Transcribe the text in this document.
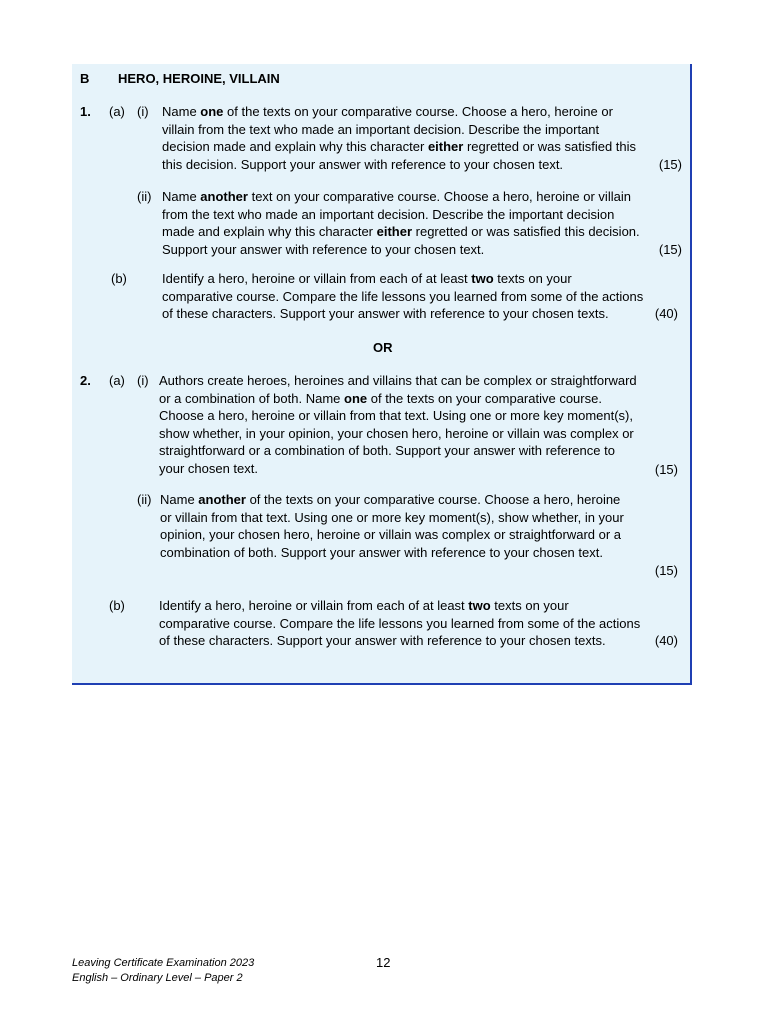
B HERO, HEROINE, VILLAIN
1. (a) (i)
(15)
(ii)
(15)
(b)
(40)
OR
2. (a) (i)
(15)
(ii)
(15)
(b)
(40)
Leaving Certificate Examination 2023
English – Ordinary Level – Paper 2
12
Name one of the texts on your comparative course. Choose a hero, heroine or
villain from the text who made an important decision. Describe the important
decision made and explain why this character either regretted or was satisfied this
this decision. Support your answer with reference to your chosen text.
Name another text on your comparative course. Choose a hero, heroine or villain
from the text who made an important decision. Describe the important decision
made and explain why this character either regretted or was satisfied this decision.
Support your answer with reference to your chosen text.
Identify a hero, heroine or villain from each of at least two texts on your
comparative course. Compare the life lessons you learned from some of the actions
of these characters. Support your answer with reference to your chosen texts.
Authors create heroes, heroines and villains that can be complex or straightforward
or a combination of both. Name one of the texts on your comparative course.
Choose a hero, heroine or villain from that text. Using one or more key moment(s),
show whether, in your opinion, your chosen hero, heroine or villain was complex or
straightforward or a combination of both. Support your answer with reference to
your chosen text.
Name another of the texts on your comparative course. Choose a hero, heroine
or villain from that text. Using one or more key moment(s), show whether, in your
opinion, your chosen hero, heroine or villain was complex or straightforward or a
combination of both. Support your answer with reference to your chosen text.
Identify a hero, heroine or villain from each of at least two texts on your
comparative course. Compare the life lessons you learned from some of the actions
of these characters. Support your answer with reference to your chosen texts.
